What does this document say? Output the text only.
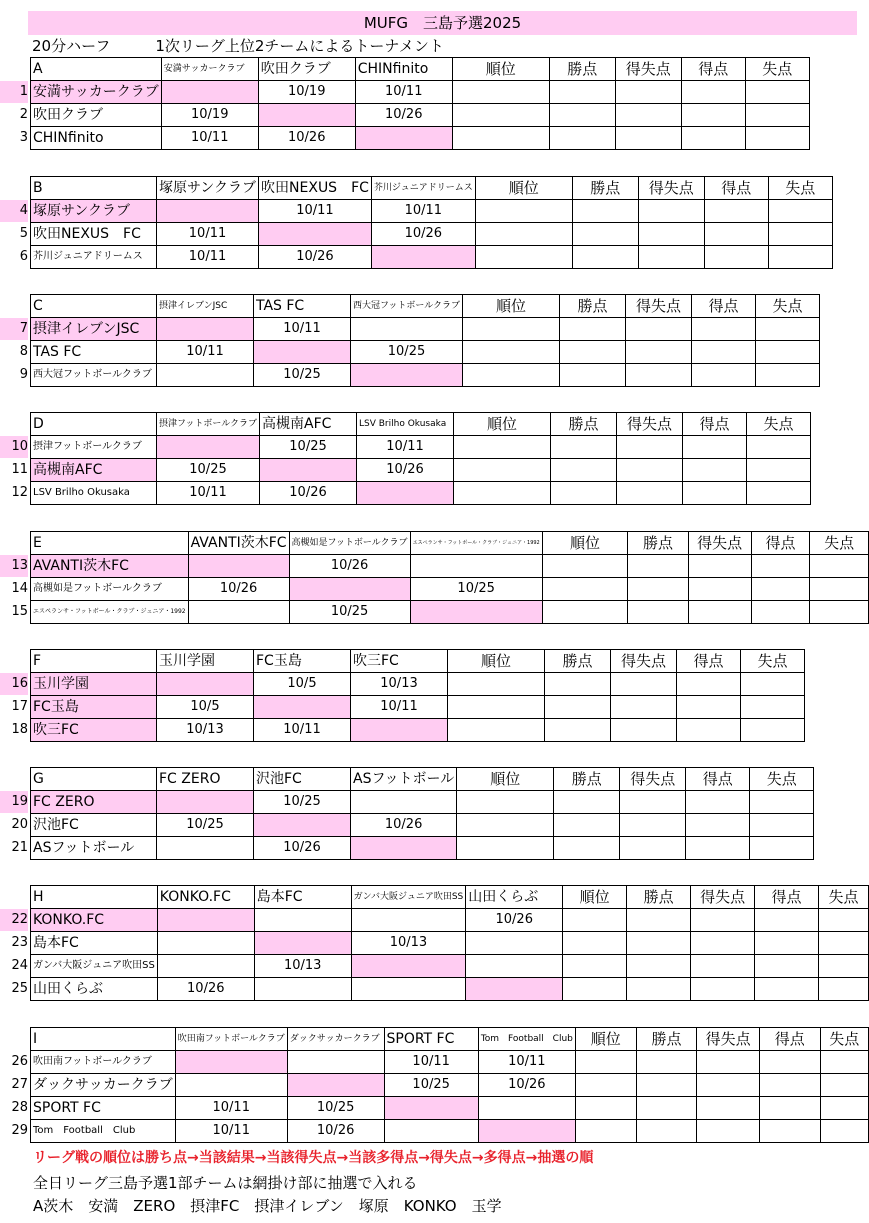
MUFG　三島予選2025
20分ハーフ　　　1次リーグ上位2チームによるトーナメント
1
2
3
A	安満サッカークラブ	吹田クラブ	CHINfinito	順位	勝点	得失点	得点	失点
安満サッカークラブ		10/19	10/11					
吹田クラブ	10/19		10/26					
CHINfinito	10/11	10/26						
4
5
6
B	塚原サンクラブ	吹田NEXUS　FC	芥川ジュニアドリームス	順位	勝点	得失点	得点	失点
塚原サンクラブ		10/11	10/11					
吹田NEXUS　FC	10/11		10/26					
芥川ジュニアドリームス	10/11	10/26						
7
8
9
C	摂津イレブンJSC	TAS FC	西大冠フットボールクラブ	順位	勝点	得失点	得点	失点
摂津イレブンJSC		10/11						
TAS FC	10/11		10/25					
西大冠フットボールクラブ		10/25						
10
11
12
D	摂津フットボールクラブ	高槻南AFC	LSV Brilho Okusaka	順位	勝点	得失点	得点	失点
摂津フットボールクラブ		10/25	10/11					
高槻南AFC	10/25		10/26					
LSV Brilho Okusaka	10/11	10/26						
13
14
15
E	AVANTI茨木FC	高槻如是フットボールクラブ	エスペランサ・フットボール・クラブ・ジュニア・1992	順位	勝点	得失点	得点	失点
AVANTI茨木FC		10/26						
高槻如是フットボールクラブ	10/26		10/25					
エスペランサ・フットボール・クラブ・ジュニア・1992		10/25						
16
17
18
F	玉川学園	FC玉島	吹三FC	順位	勝点	得失点	得点	失点
玉川学園		10/5	10/13					
FC玉島	10/5		10/11					
吹三FC	10/13	10/11						
19
20
21
G	FC ZERO	沢池FC	ASフットボール	順位	勝点	得失点	得点	失点
FC ZERO		10/25						
沢池FC	10/25		10/26					
ASフットボール		10/26						
22
23
24
25
H	KONKO.FC	島本FC	ガンバ大阪ジュニア吹田SS	山田くらぶ	順位	勝点	得失点	得点	失点
KONKO.FC				10/26					
島本FC			10/13						
ガンバ大阪ジュニア吹田SS		10/13							
山田くらぶ	10/26								
26
27
28
29
I	吹田南フットボールクラブ	ダックサッカークラブ	SPORT FC	Tom　Football　Club	順位	勝点	得失点	得点	失点
吹田南フットボールクラブ			10/11	10/11					
ダックサッカークラブ			10/25	10/26					
SPORT FC	10/11	10/25							
Tom　Football　Club	10/11	10/26							
リーグ戦の順位は勝ち点→当該結果→当該得失点→当該多得点→得失点→多得点→抽選の順
全日リーグ三島予選1部チームは網掛け部に抽選で入れる
A茨木　安満　ZERO　摂津FC　摂津イレブン　塚原　KONKO　玉学
